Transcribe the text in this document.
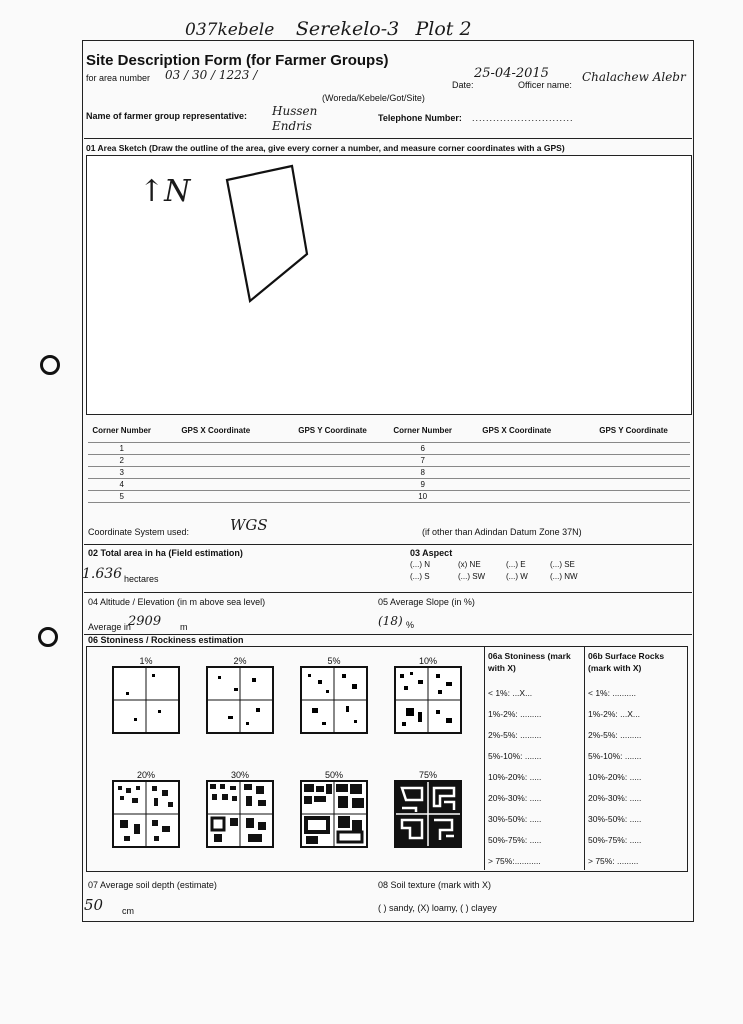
037kebele Serekelo-3 Plot 2
Site Description Form (for Farmer Groups)
for area number 03 / 30 / 1223 /
(Woreda/Kebele/Got/Site)
Date:
25-04-2015
Officer name:
Chalachew Alebr
Name of farmer group representative: Hussen Endris
Telephone Number: .............................
01 Area Sketch (Draw the outline of the area, give every corner a number, and measure corner coordinates with a GPS)
↑N
Corner Number	GPS X Coordinate	GPS Y Coordinate	Corner Number	GPS X Coordinate	GPS Y Coordinate
1			6		
2			7		
3			8		
4			9		
5			10		
Coordinate System used:	WGS	(if other than Adindan Datum Zone 37N)
02 Total area in ha (Field estimation)
1.636 hectares
03 Aspect
(...) N	(x) NE	(...) E	(...) SE
(...) S	(...) SW	(...) W	(...) NW
04 Altitude / Elevation (in m above sea level)
Average in
2909 m
05 Average Slope (in %)
(18) %
06 Stoniness / Rockiness estimation
1%	2%	5%	10%
20%	30%	50%	75%
06a Stoniness (mark with X)
< 1%: ...X...
1%-2%: .........
2%-5%: .........
5%-10%: .......
10%-20%: .....
20%-30%: .....
30%-50%: .....
50%-75%: .....
> 75%:...........
06b Surface Rocks (mark with X)
< 1%: ..........
1%-2%: ...X...
2%-5%: .........
5%-10%: .......
10%-20%: .....
20%-30%: .....
30%-50%: .....
50%-75%: .....
> 75%: .........
07 Average soil depth (estimate)
50 cm
08 Soil texture (mark with X)
( ) sandy, (X) loamy, ( ) clayey
